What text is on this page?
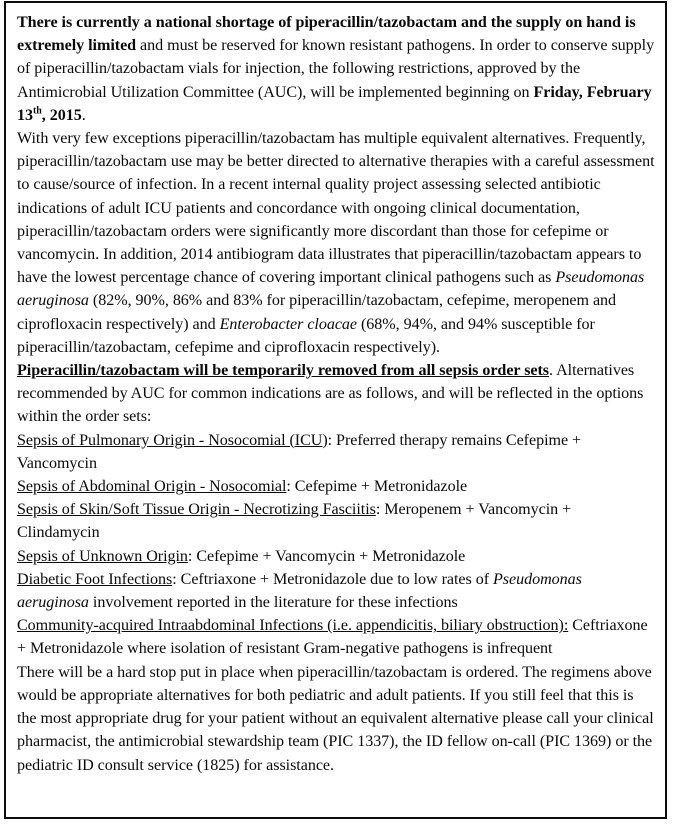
There is currently a national shortage of piperacillin/tazobactam and the supply on hand is extremely limited and must be reserved for known resistant pathogens. In order to conserve supply of piperacillin/tazobactam vials for injection, the following restrictions, approved by the Antimicrobial Utilization Committee (AUC), will be implemented beginning on Friday, February 13th, 2015.

With very few exceptions piperacillin/tazobactam has multiple equivalent alternatives. Frequently, piperacillin/tazobactam use may be better directed to alternative therapies with a careful assessment to cause/source of infection. In a recent internal quality project assessing selected antibiotic indications of adult ICU patients and concordance with ongoing clinical documentation, piperacillin/tazobactam orders were significantly more discordant than those for cefepime or vancomycin. In addition, 2014 antibiogram data illustrates that piperacillin/tazobactam appears to have the lowest percentage chance of covering important clinical pathogens such as Pseudomonas aeruginosa (82%, 90%, 86% and 83% for piperacillin/tazobactam, cefepime, meropenem and ciprofloxacin respectively) and Enterobacter cloacae (68%, 94%, and 94% susceptible for piperacillin/tazobactam, cefepime and ciprofloxacin respectively).

Piperacillin/tazobactam will be temporarily removed from all sepsis order sets. Alternatives recommended by AUC for common indications are as follows, and will be reflected in the options within the order sets:

Sepsis of Pulmonary Origin - Nosocomial (ICU): Preferred therapy remains Cefepime + Vancomycin

Sepsis of Abdominal Origin - Nosocomial: Cefepime + Metronidazole

Sepsis of Skin/Soft Tissue Origin - Necrotizing Fasciitis: Meropenem + Vancomycin + Clindamycin

Sepsis of Unknown Origin: Cefepime + Vancomycin + Metronidazole

Diabetic Foot Infections: Ceftriaxone + Metronidazole due to low rates of Pseudomonas aeruginosa involvement reported in the literature for these infections

Community-acquired Intraabdominal Infections (i.e. appendicitis, biliary obstruction): Ceftriaxone + Metronidazole where isolation of resistant Gram-negative pathogens is infrequent

There will be a hard stop put in place when piperacillin/tazobactam is ordered. The regimens above would be appropriate alternatives for both pediatric and adult patients. If you still feel that this is the most appropriate drug for your patient without an equivalent alternative please call your clinical pharmacist, the antimicrobial stewardship team (PIC 1337), the ID fellow on-call (PIC 1369) or the pediatric ID consult service (1825) for assistance.
